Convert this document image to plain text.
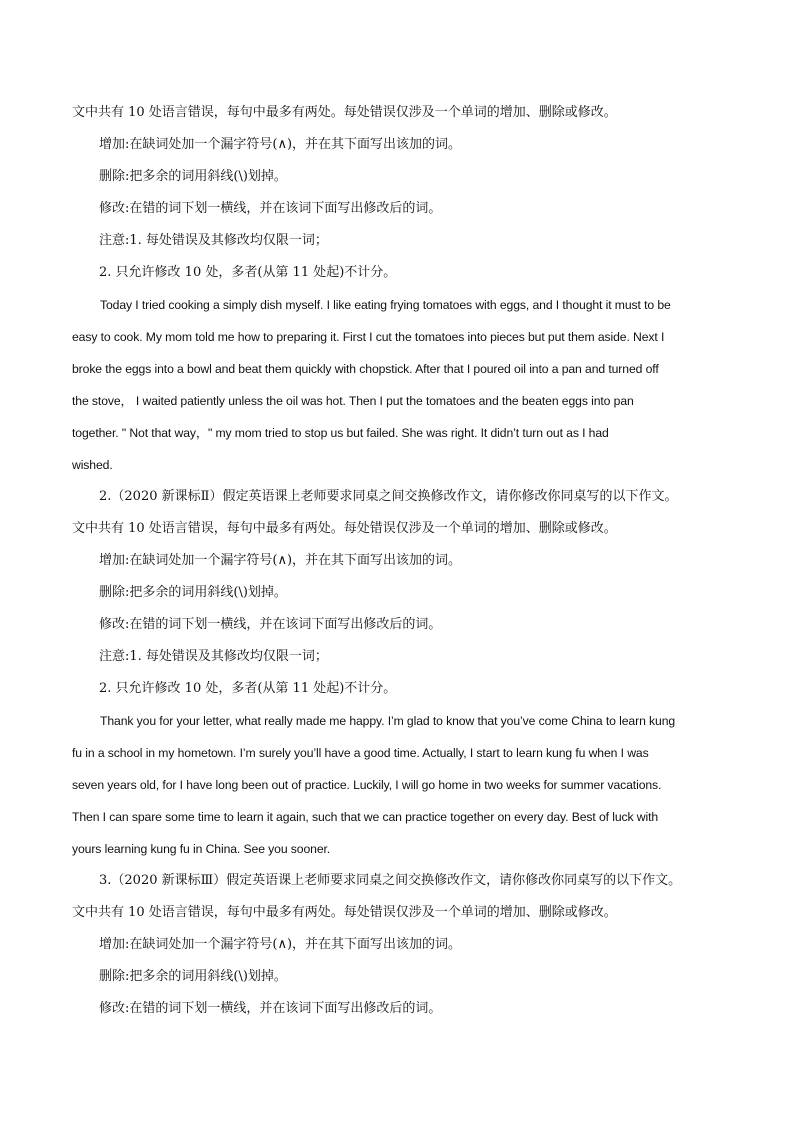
文中共有 10 处语言错误，每句中最多有两处。每处错误仅涉及一个单词的增加、删除或修改。
增加:在缺词处加一个漏字符号(∧)，并在其下面写出该加的词。
删除:把多余的词用斜线(\)划掉。
修改:在错的词下划一横线，并在该词下面写出修改后的词。
注意:1. 每处错误及其修改均仅限一词；
2. 只允许修改 10 处，多者(从第 11 处起)不计分。
Today I tried cooking a simply dish myself. I like eating frying tomatoes with eggs, and I thought it must to be
easy to cook. My mom told me how to preparing it. First I cut the tomatoes into pieces but put them aside. Next I
broke the eggs into a bowl and beat them quickly with chopstick. After that I poured oil into a pan and turned off
the stove， I waited patiently unless the oil was hot. Then I put the tomatoes and the beaten eggs into pan
together. " Not that way，" my mom tried to stop us but failed. She was right. It didn’t turn out as I had
wished.
2.（2020 新课标Ⅱ）假定英语课上老师要求同桌之间交换修改作文，请你修改你同桌写的以下作文。
文中共有 10 处语言错误，每句中最多有两处。每处错误仅涉及一个单词的增加、删除或修改。
增加:在缺词处加一个漏字符号(∧)，并在其下面写出该加的词。
删除:把多余的词用斜线(\)划掉。
修改:在错的词下划一横线，并在该词下面写出修改后的词。
注意:1. 每处错误及其修改均仅限一词；
2. 只允许修改 10 处，多者(从第 11 处起)不计分。
Thank you for your letter, what really made me happy. I’m glad to know that you’ve come China to learn kung
fu in a school in my hometown. I’m surely you’ll have a good time. Actually, I start to learn kung fu when I was
seven years old, for I have long been out of practice. Luckily, I will go home in two weeks for summer vacations.
Then I can spare some time to learn it again, such that we can practice together on every day. Best of luck with
yours learning kung fu in China. See you sooner.
3.（2020 新课标Ⅲ）假定英语课上老师要求同桌之间交换修改作文，请你修改你同桌写的以下作文。
文中共有 10 处语言错误，每句中最多有两处。每处错误仅涉及一个单词的增加、删除或修改。
增加:在缺词处加一个漏字符号(∧)，并在其下面写出该加的词。
删除:把多余的词用斜线(\)划掉。
修改:在错的词下划一横线，并在该词下面写出修改后的词。
